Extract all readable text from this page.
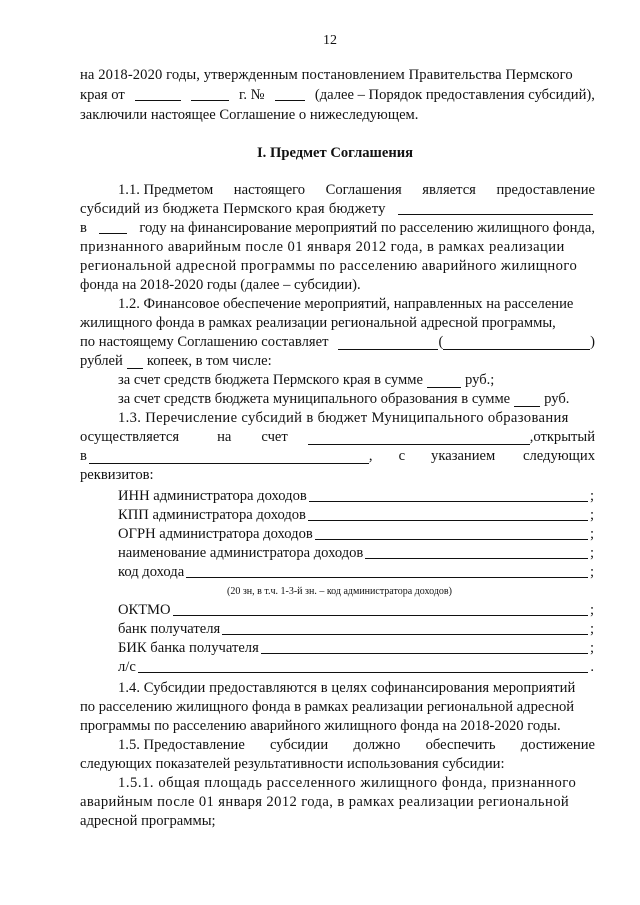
12
на 2018-2020 годы, утвержденным постановлением Правительства Пермского
края от	г. №	(далее – Порядок предоставления субсидий),
заключили настоящее Соглашение о нижеследующем.
I. Предмет Соглашения
1.1. Предметом настоящего Соглашения является предоставление
субсидий из бюджета Пермского края бюджету
в	году на финансирование мероприятий по расселению жилищного фонда,
признанного аварийным после 01 января 2012 года, в рамках реализации
региональной адресной программы по расселению аварийного жилищного
фонда на 2018-2020 годы (далее – субсидии).
1.2. Финансовое обеспечение мероприятий, направленных на расселение
жилищного фонда в рамках реализации региональной адресной программы,
по настоящему Соглашению составляет	(	)
рублей копеек, в том числе:
за счет средств бюджета Пермского края в сумме	руб.;
за счет средств бюджета муниципального образования в сумме руб.
1.3. Перечисление субсидий в бюджет Муниципального образования
осуществляется	на счет	, открытый
в	, с указанием следующих
реквизитов:
ИНН администратора доходов	;
КПП администратора доходов	;
ОГРН администратора доходов	;
наименование администратора доходов	;
код дохода	;
(20 зн, в т.ч. 1-3-й зн. – код администратора доходов)
ОКТМО	;
банк получателя	;
БИК банка получателя	;
л/с	.
1.4. Субсидии предоставляются в целях софинансирования мероприятий
по расселению жилищного фонда в рамках реализации региональной адресной
программы по расселению аварийного жилищного фонда на 2018-2020 годы.
1.5. Предоставление субсидии должно обеспечить достижение
следующих показателей результативности использования субсидии:
1.5.1. общая площадь расселенного жилищного фонда, признанного
аварийным после 01 января 2012 года, в рамках реализации региональной
адресной программы;
